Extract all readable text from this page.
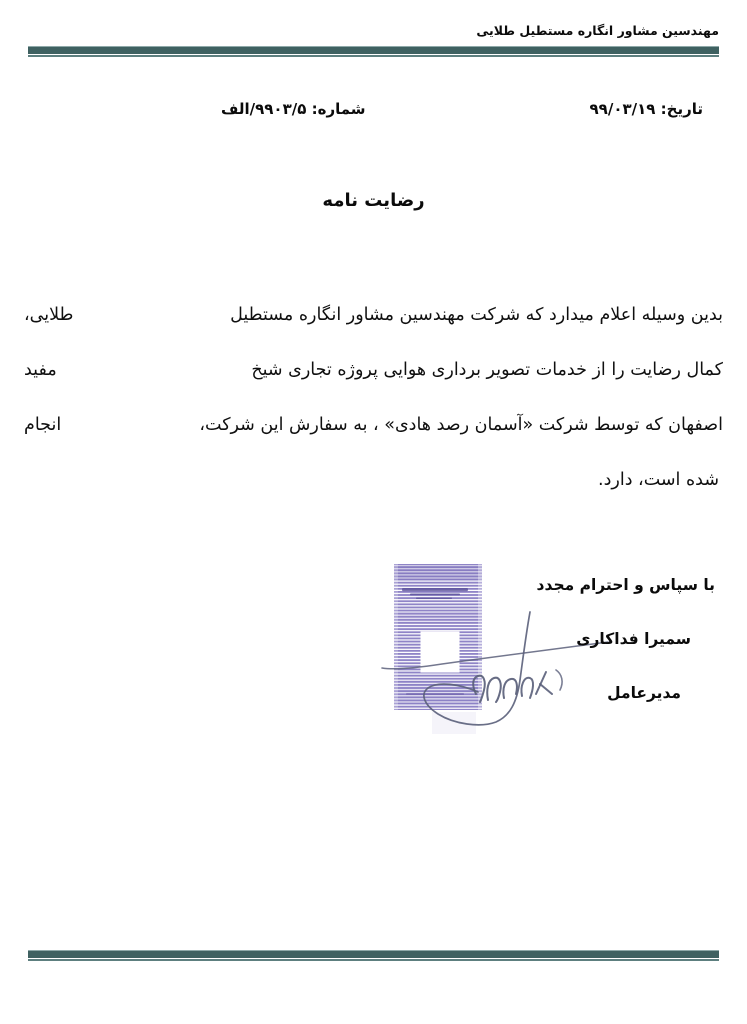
مهندسین مشاور انگاره مستطیل طلایی
تاریخ: ۹۹/۰۳/۱۹
شماره: ۹۹۰۳/۵/الف
رضایت نامه
بدین وسیله اعلام میدارد که شرکت مهندسین مشاور انگاره مستطیل
طلایی،
کمال رضایت را از خدمات تصویر برداری هوایی پروژه تجاری شیخ
مفید
اصفهان که توسط شرکت «آسمان رصد هادی» ، به سفارش این شرکت،
انجام
شده است، دارد.
با سپاس و احترام مجدد
سمیرا فداکاری
مدیرعامل
